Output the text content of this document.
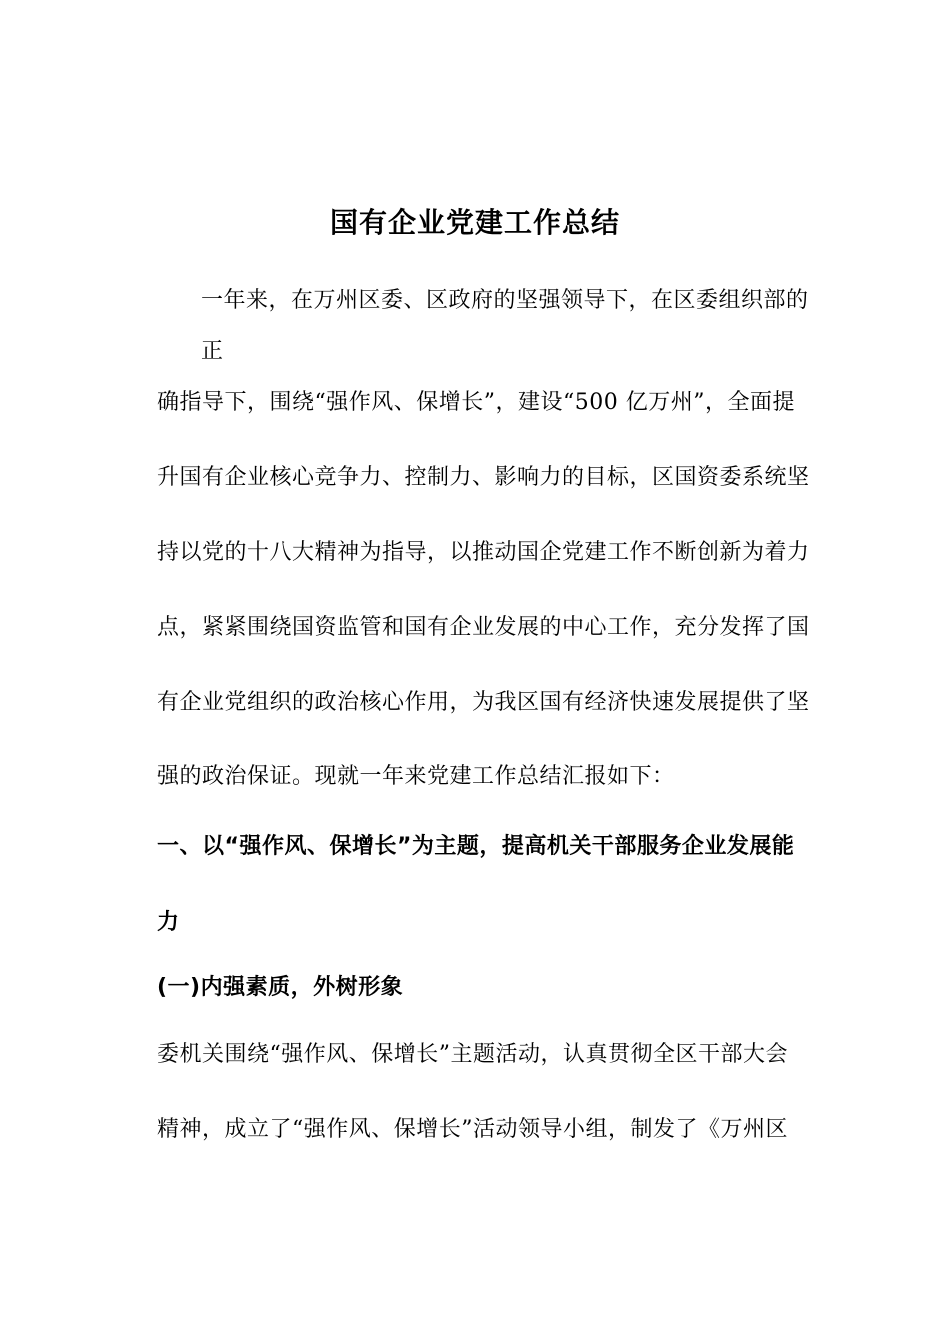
国有企业党建工作总结

一年来，在万州区委、区政府的坚强领导下，在区委组织部的

正

确指导下，围绕“强作风、保增长”，建设“500 亿万州”，全面提

升国有企业核心竞争力、控制力、影响力的目标，区国资委系统坚

持以党的十八大精神为指导，以推动国企党建工作不断创新为着力

点，紧紧围绕国资监管和国有企业发展的中心工作，充分发挥了国

有企业党组织的政治核心作用，为我区国有经济快速发展提供了坚

强的政治保证。现就一年来党建工作总结汇报如下：

一、以“强作风、保增长”为主题，提高机关干部服务企业发展能

力

(一)内强素质，外树形象

委机关围绕“强作风、保增长”主题活动，认真贯彻全区干部大会

精神，成立了“强作风、保增长”活动领导小组，制发了《万州区
